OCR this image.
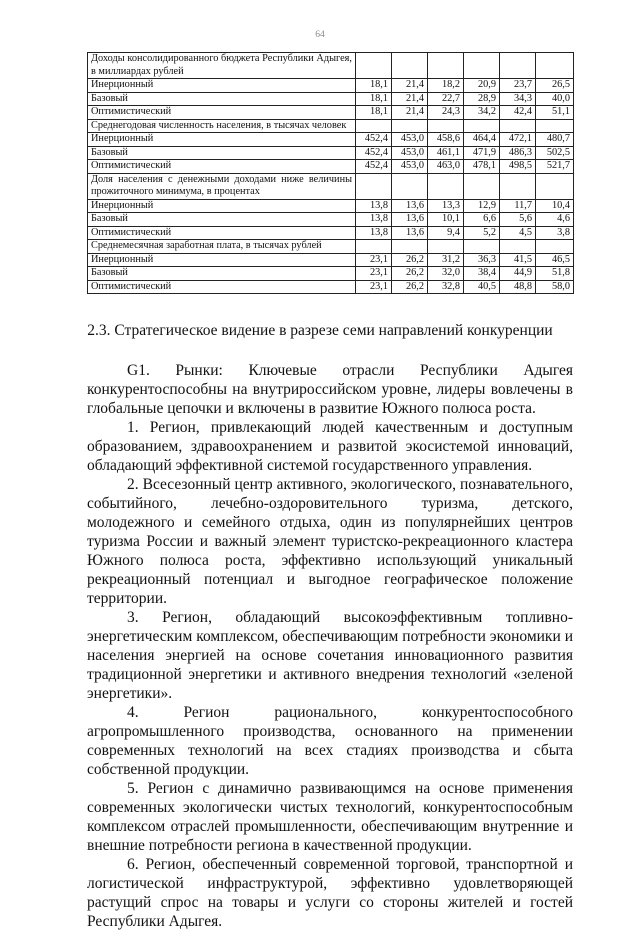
64
Доходы консолидированного бюджета Республики Адыгея, в миллиардах рублей						
Инерционный	18,1	21,4	18,2	20,9	23,7	26,5
Базовый	18,1	21,4	22,7	28,9	34,3	40,0
Оптимистический	18,1	21,4	24,3	34,2	42,4	51,1
Среднегодовая численность населения, в тысячах человек						
Инерционный	452,4	453,0	458,6	464,4	472,1	480,7
Базовый	452,4	453,0	461,1	471,9	486,3	502,5
Оптимистический	452,4	453,0	463,0	478,1	498,5	521,7
Доля населения с денежными доходами ниже величины прожиточного минимума, в процентах						
Инерционный	13,8	13,6	13,3	12,9	11,7	10,4
Базовый	13,8	13,6	10,1	6,6	5,6	4,6
Оптимистический	13,8	13,6	9,4	5,2	4,5	3,8
Среднемесячная заработная плата, в тысячах рублей						
Инерционный	23,1	26,2	31,2	36,3	41,5	46,5
Базовый	23,1	26,2	32,0	38,4	44,9	51,8
Оптимистический	23,1	26,2	32,8	40,5	48,8	58,0
2.3. Стратегическое видение в разрезе семи направлений конкуренции

G1. Рынки: Ключевые отрасли Республики Адыгея конкурентоспособны на внутрироссийском уровне, лидеры вовлечены в глобальные цепочки и включены в развитие Южного полюса роста.

1. Регион, привлекающий людей качественным и доступным образованием, здравоохранением и развитой экосистемой инноваций, обладающий эффективной системой государственного управления.

2. Всесезонный центр активного, экологического, познавательного, событийного, лечебно-оздоровительного туризма, детского, молодежного и семейного отдыха, один из популярнейших центров туризма России и важный элемент туристско-рекреационного кластера Южного полюса роста, эффективно использующий уникальный рекреационный потенциал и выгодное географическое положение территории.

3. Регион, обладающий высокоэффективным топливно-энергетическим комплексом, обеспечивающим потребности экономики и населения энергией на основе сочетания инновационного развития традиционной энергетики и активного внедрения технологий «зеленой энергетики».

4. Регион рационального, конкурентоспособного агропромышленного производства, основанного на применении современных технологий на всех стадиях производства и сбыта собственной продукции.

5. Регион с динамично развивающимся на основе применения современных экологически чистых технологий, конкурентоспособным комплексом отраслей промышленности, обеспечивающим внутренние и внешние потребности региона в качественной продукции.

6. Регион, обеспеченный современной торговой, транспортной и логистической инфраструктурой, эффективно удовлетворяющей растущий спрос на товары и услуги со стороны жителей и гостей Республики Адыгея.
